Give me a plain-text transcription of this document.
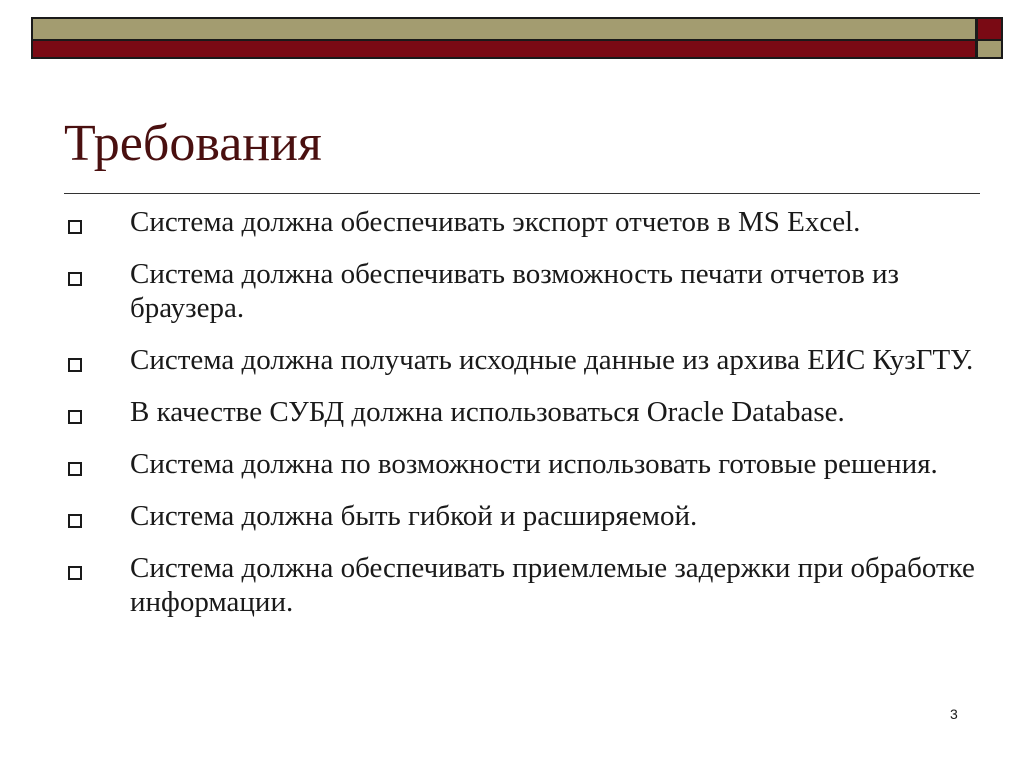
Требования
Система должна обеспечивать экспорт отчетов в MS Excel.
Система должна обеспечивать возможность печати отчетов из браузера.
Система должна получать исходные данные из архива ЕИС КузГТУ.
В качестве СУБД должна использоваться Oracle Database.
Система должна по возможности использовать готовые решения.
Система должна быть гибкой и расширяемой.
Система должна обеспечивать приемлемые задержки при обработке информации.
3
